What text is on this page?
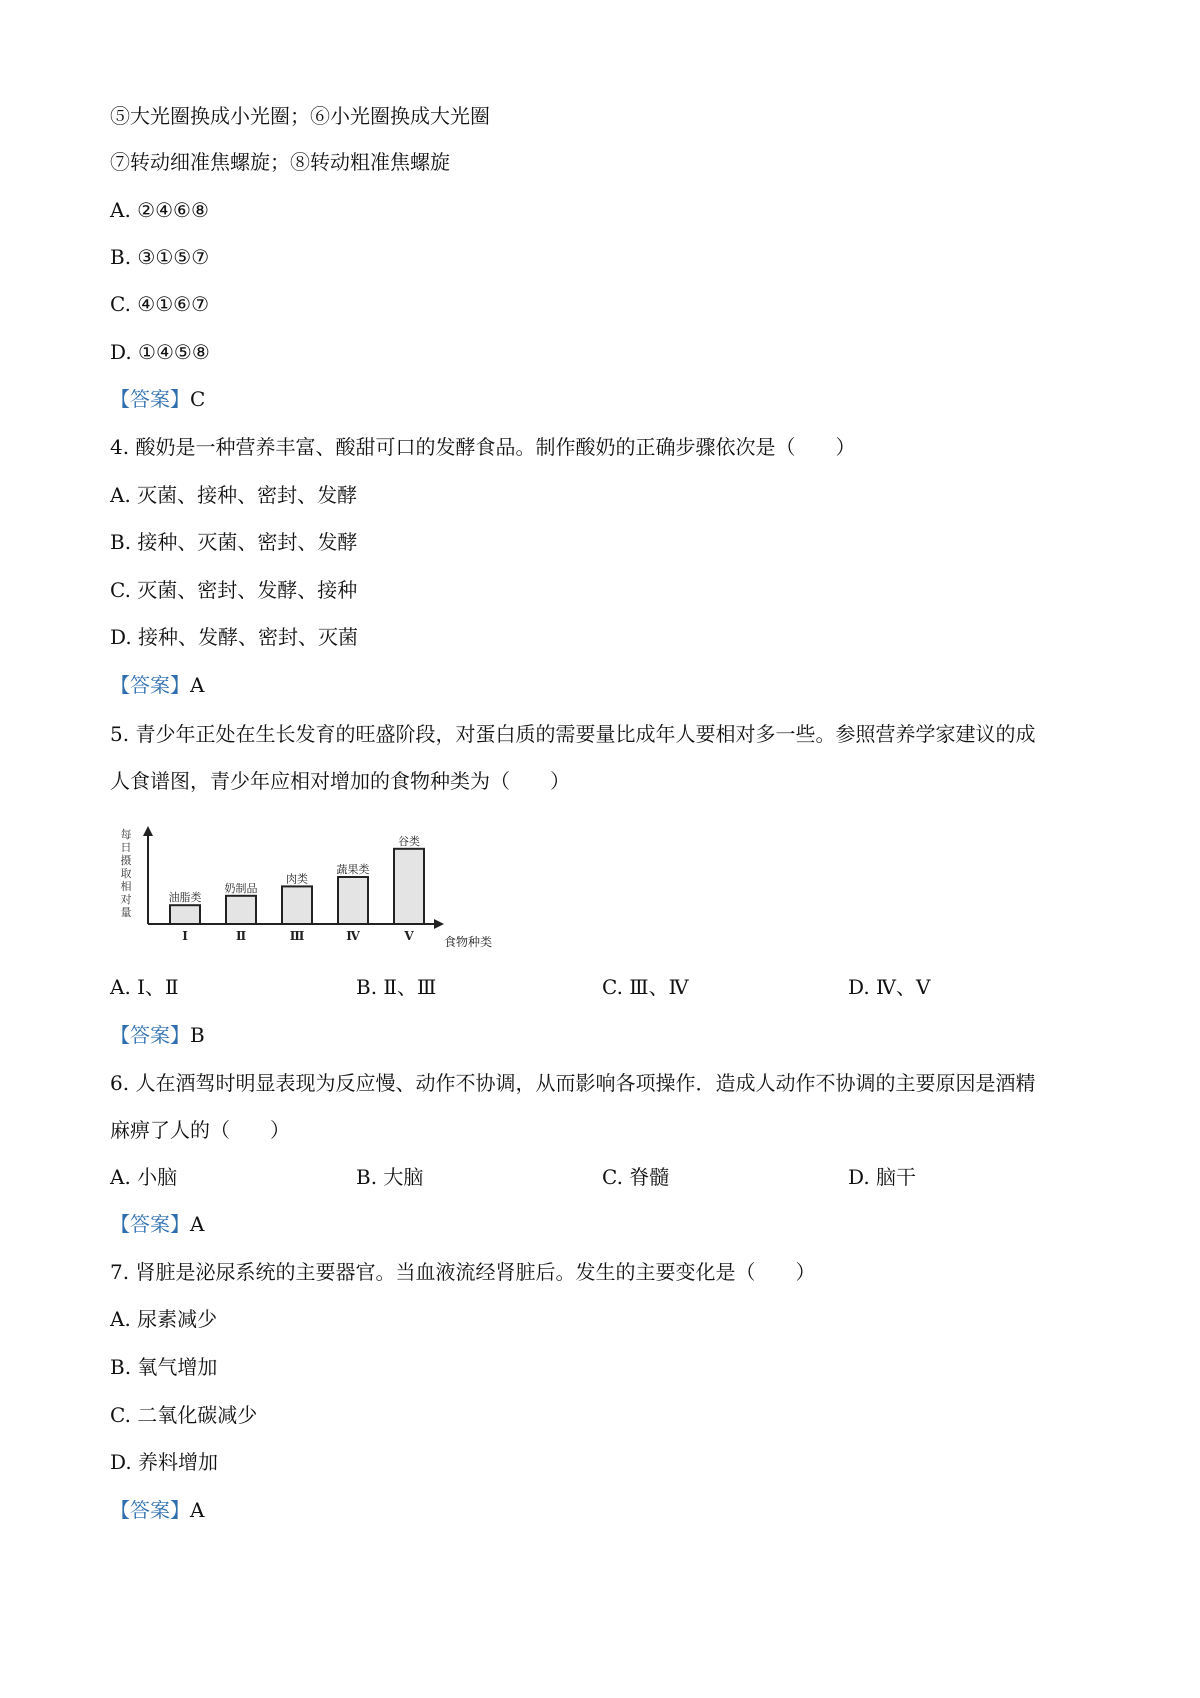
⑤大光圈换成小光圈；⑥小光圈换成大光圈
⑦转动细准焦螺旋；⑧转动粗准焦螺旋
A. ②④⑥⑧
B. ③①⑤⑦
C. ④①⑥⑦
D. ①④⑤⑧
【答案】C
4. 酸奶是一种营养丰富、酸甜可口的发酵食品。制作酸奶的正确步骤依次是（　　）
A. 灭菌、接种、密封、发酵
B. 接种、灭菌、密封、发酵
C. 灭菌、密封、发酵、接种
D. 接种、发酵、密封、灭菌
【答案】A
5. 青少年正处在生长发育的旺盛阶段，对蛋白质的需要量比成年人要相对多一些。参照营养学家建议的成
人食谱图，青少年应相对增加的食物种类为（　　）
每
日
摄
取
相
对
量
油脂类
Ⅰ
奶制品
Ⅱ
肉类
Ⅲ
蔬果类
Ⅳ
谷类
Ⅴ	食物种类
A. Ⅰ、Ⅱ	B. Ⅱ、Ⅲ	C. Ⅲ、Ⅳ	D. Ⅳ、Ⅴ
【答案】B
6. 人在酒驾时明显表现为反应慢、动作不协调，从而影响各项操作．造成人动作不协调的主要原因是酒精
麻痹了人的（　　）
A. 小脑	B. 大脑	C. 脊髓	D. 脑干
【答案】A
7. 肾脏是泌尿系统的主要器官。当血液流经肾脏后。发生的主要变化是（　　）
A. 尿素减少
B. 氧气增加
C. 二氧化碳减少
D. 养料增加
【答案】A
